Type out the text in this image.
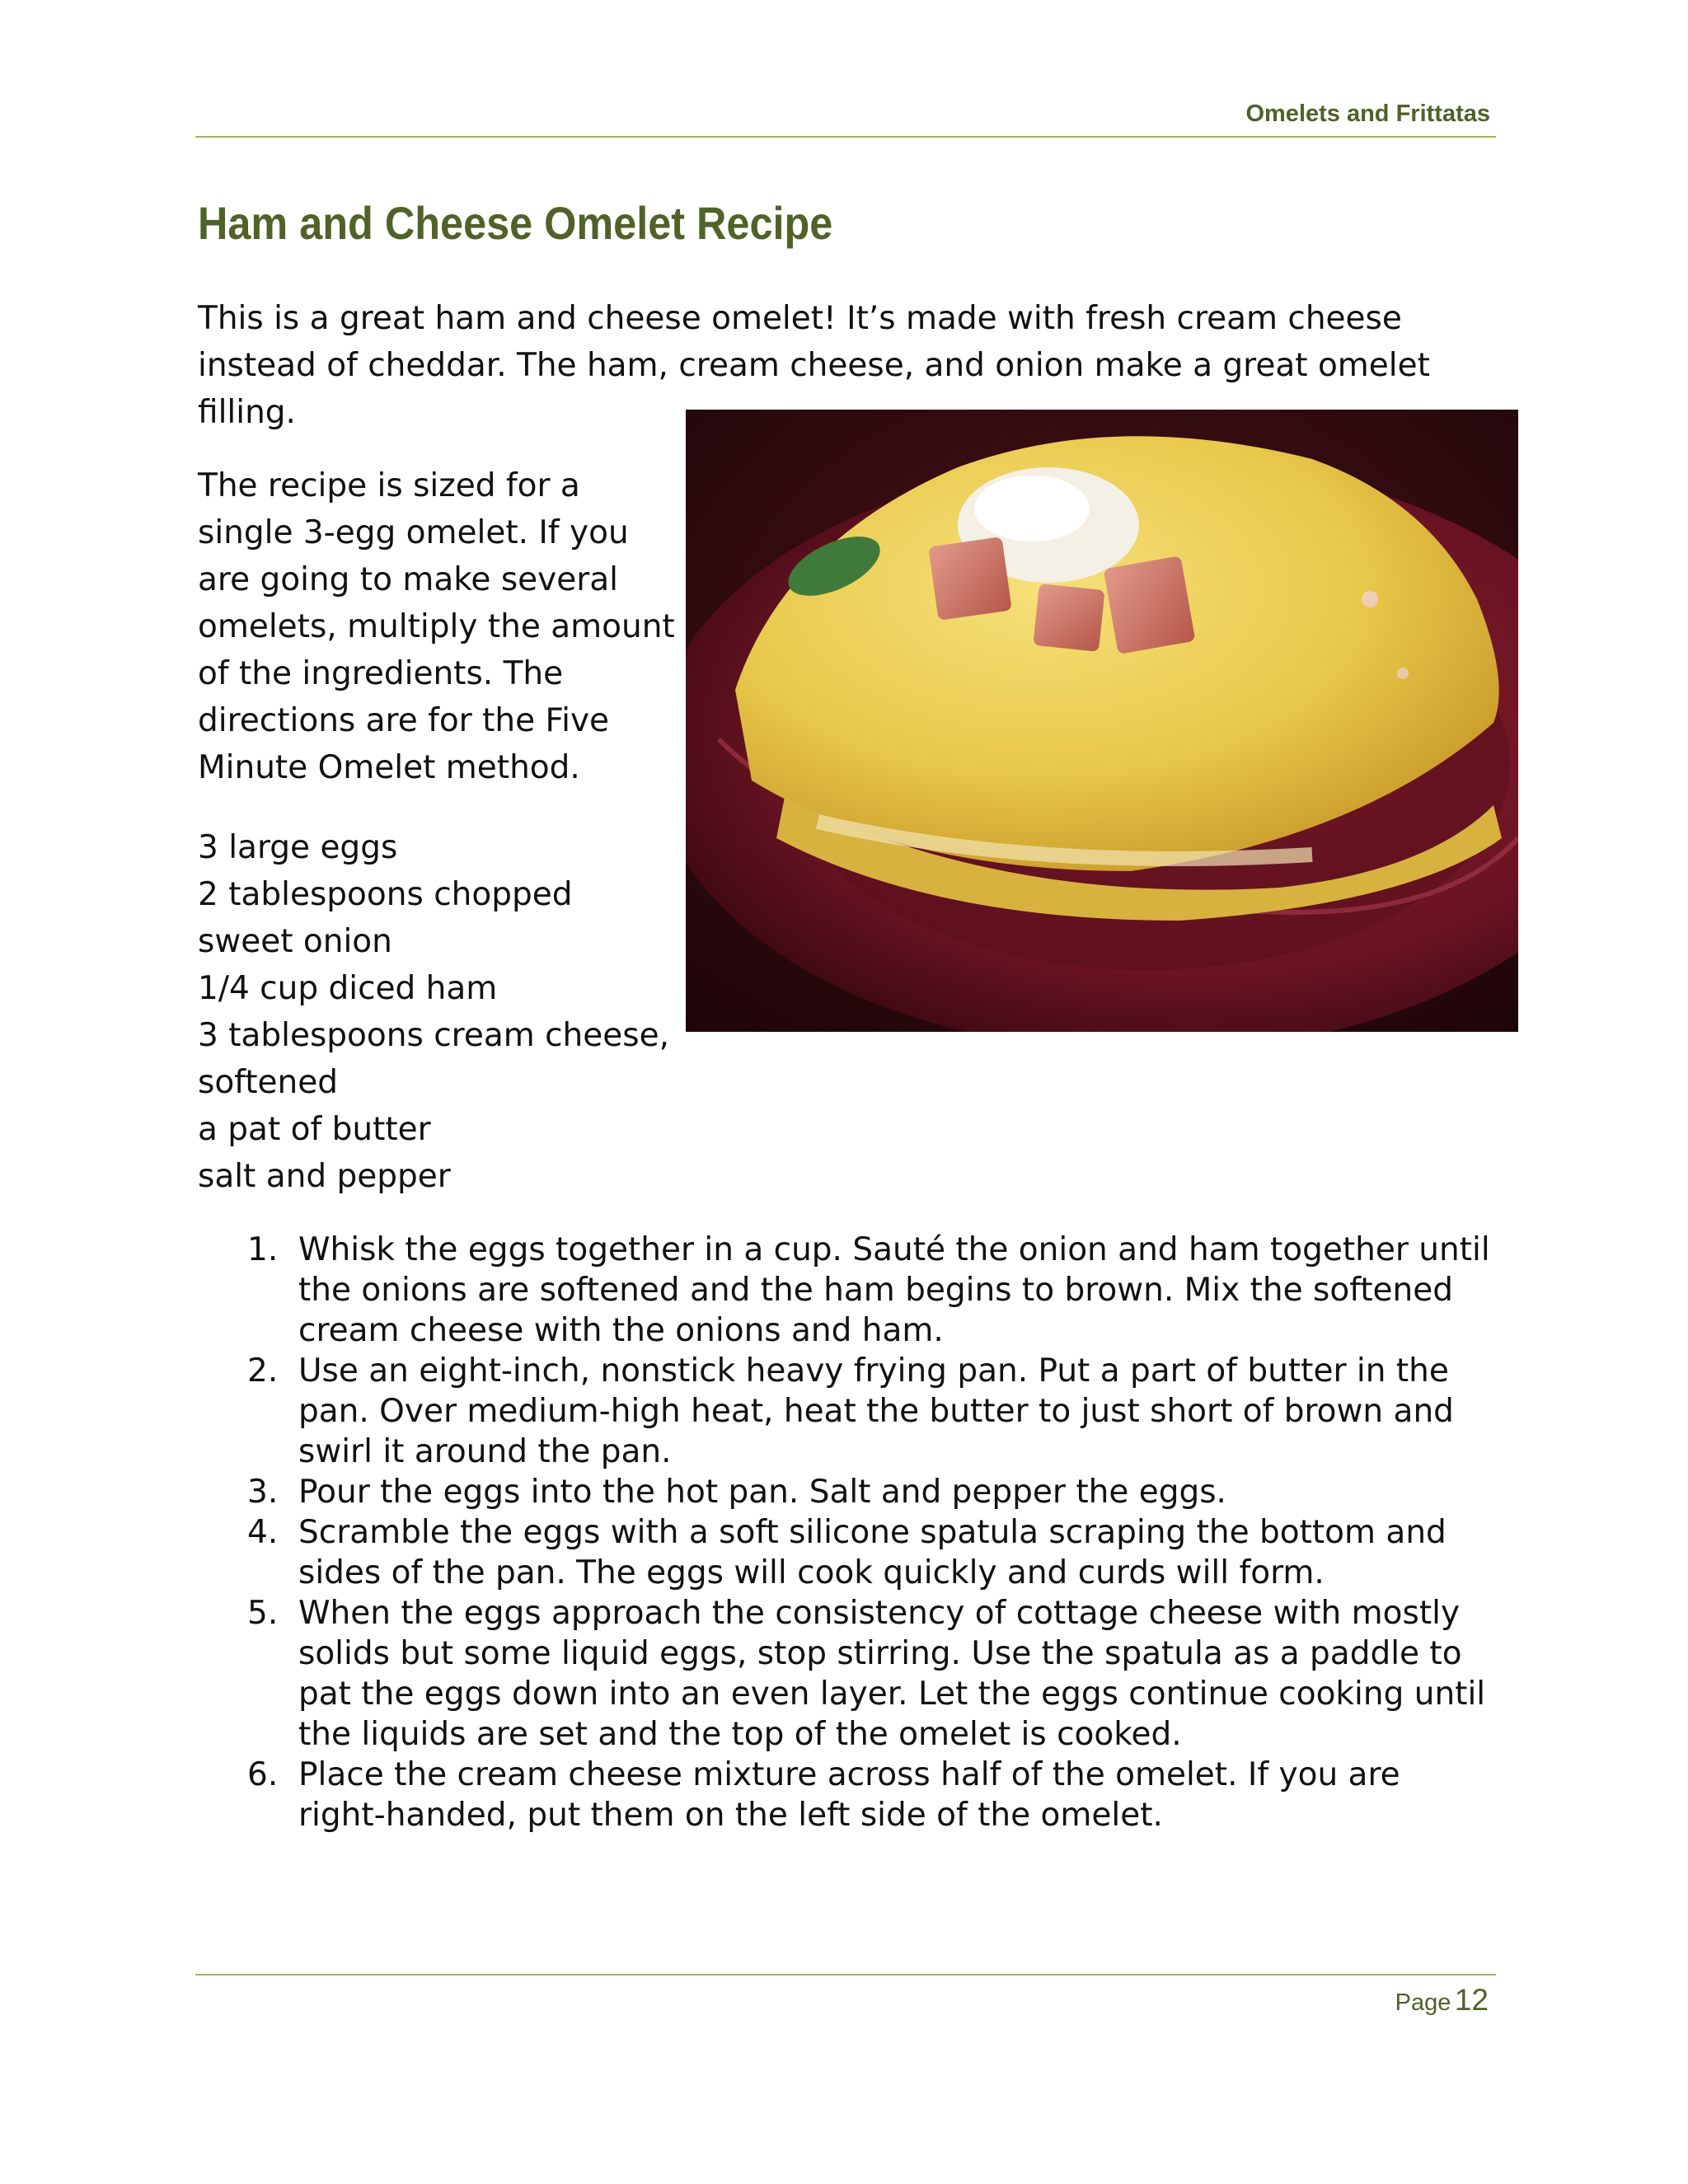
Omelets and Frittatas
Ham and Cheese Omelet Recipe

This is a great ham and cheese omelet! It’s made with fresh cream cheese instead of cheddar. The ham, cream cheese, and onion make a great omelet filling.

The recipe is sized for a single 3-egg omelet. If you are going to make several omelets, multiply the amount of the ingredients. The directions are for the Five Minute Omelet method.

3 large eggs
2 tablespoons chopped sweet onion
1/4 cup diced ham
3 tablespoons cream cheese, softened
a pat of butter
salt and pepper
1. Whisk the eggs together in a cup. Sauté the onion and ham together until the onions are softened and the ham begins to brown. Mix the softened cream cheese with the onions and ham.
2. Use an eight-inch, nonstick heavy frying pan. Put a part of butter in the pan. Over medium-high heat, heat the butter to just short of brown and swirl it around the pan.
3. Pour the eggs into the hot pan. Salt and pepper the eggs.
4. Scramble the eggs with a soft silicone spatula scraping the bottom and sides of the pan. The eggs will cook quickly and curds will form.
5. When the eggs approach the consistency of cottage cheese with mostly solids but some liquid eggs, stop stirring. Use the spatula as a paddle to pat the eggs down into an even layer. Let the eggs continue cooking until the liquids are set and the top of the omelet is cooked.
6. Place the cream cheese mixture across half of the omelet. If you are right-handed, put them on the left side of the omelet.
Page 12
